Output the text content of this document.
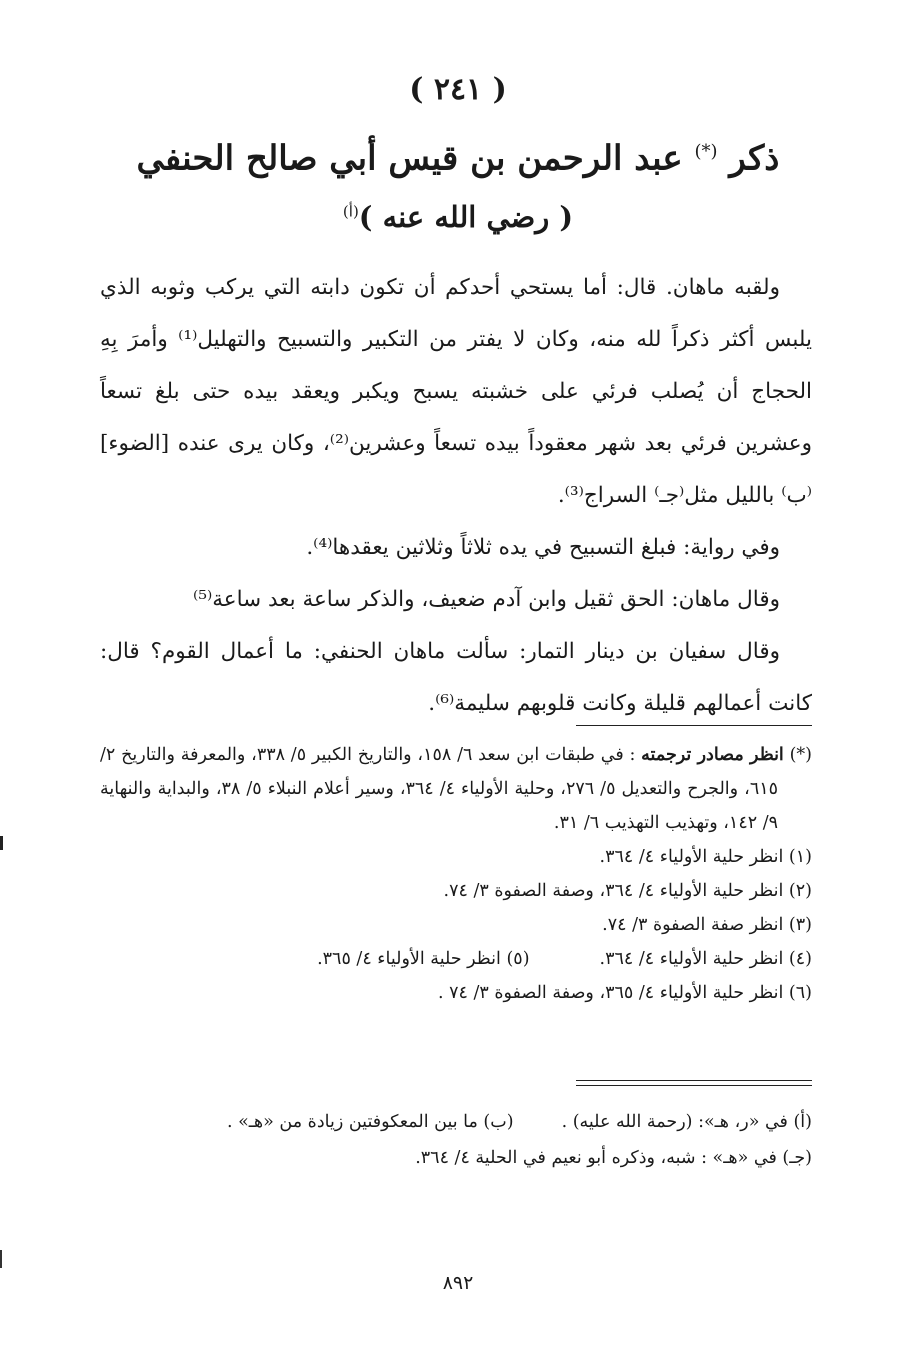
( ٢٤١ )
ذكر (*) عبد الرحمن بن قيس أبي صالح الحنفي
( رضي الله عنه )$^{(أ)}$

ولقبه ماهان. قال: أما يستحي أحدكم أن تكون دابته التي يركب وثوبه الذي يلبس أكثر ذكراً لله منه، وكان لا يفتر من التكبير والتسبيح والتهليل⁽¹⁾ وأمرَ بِهِ الحجاج أن يُصلب فرئي على خشبته يسبح ويكبر ويعقد بيده حتى بلغ تسعاً وعشرين فرئي بعد شهر معقوداً بيده تسعاً وعشرين⁽²⁾، وكان يرى عنده [الضوء]⁽ب⁾ بالليل مثل⁽جـ⁾ السراج⁽³⁾.

وفي رواية: فبلغ التسبيح في يده ثلاثاً وثلاثين يعقدها⁽⁴⁾.

وقال ماهان: الحق ثقيل وابن آدم ضعيف، والذكر ساعة بعد ساعة⁽⁵⁾

وقال سفيان بن دينار التمار: سألت ماهان الحنفي: ما أعمال القوم؟ قال: كانت أعمالهم قليلة وكانت قلوبهم سليمة⁽⁶⁾.

(*) انظر مصادر ترجمته : في طبقات ابن سعد ٦/ ١٥٨، والتاريخ الكبير ٥/ ٣٣٨، والمعرفة والتاريخ ٢/ ٦١٥، والجرح والتعديل ٥/ ٢٧٦، وحلية الأولياء ٤/ ٣٦٤، وسير أعلام النبلاء ٥/ ٣٨، والبداية والنهاية ٩/ ١٤٢، وتهذيب التهذيب ٦/ ٣١.

(١) انظر حلية الأولياء ٤/ ٣٦٤.

(٢) انظر حلية الأولياء ٤/ ٣٦٤، وصفة الصفوة ٣/ ٧٤.

(٣) انظر صفة الصفوة ٣/ ٧٤.

(٤) انظر حلية الأولياء ٤/ ٣٦٤.
(٥) انظر حلية الأولياء ٤/ ٣٦٥.

(٦) انظر حلية الأولياء ٤/ ٣٦٥، وصفة الصفوة ٣/ ٧٤ .

(أ) في «ر، هـ»: (رحمة الله عليه) .(ب) ما بين المعكوفتين زيادة من «هـ» .

(جـ) في «هـ» : شبه، وذكره أبو نعيم في الحلية ٤/ ٣٦٤.

٨٩٢
